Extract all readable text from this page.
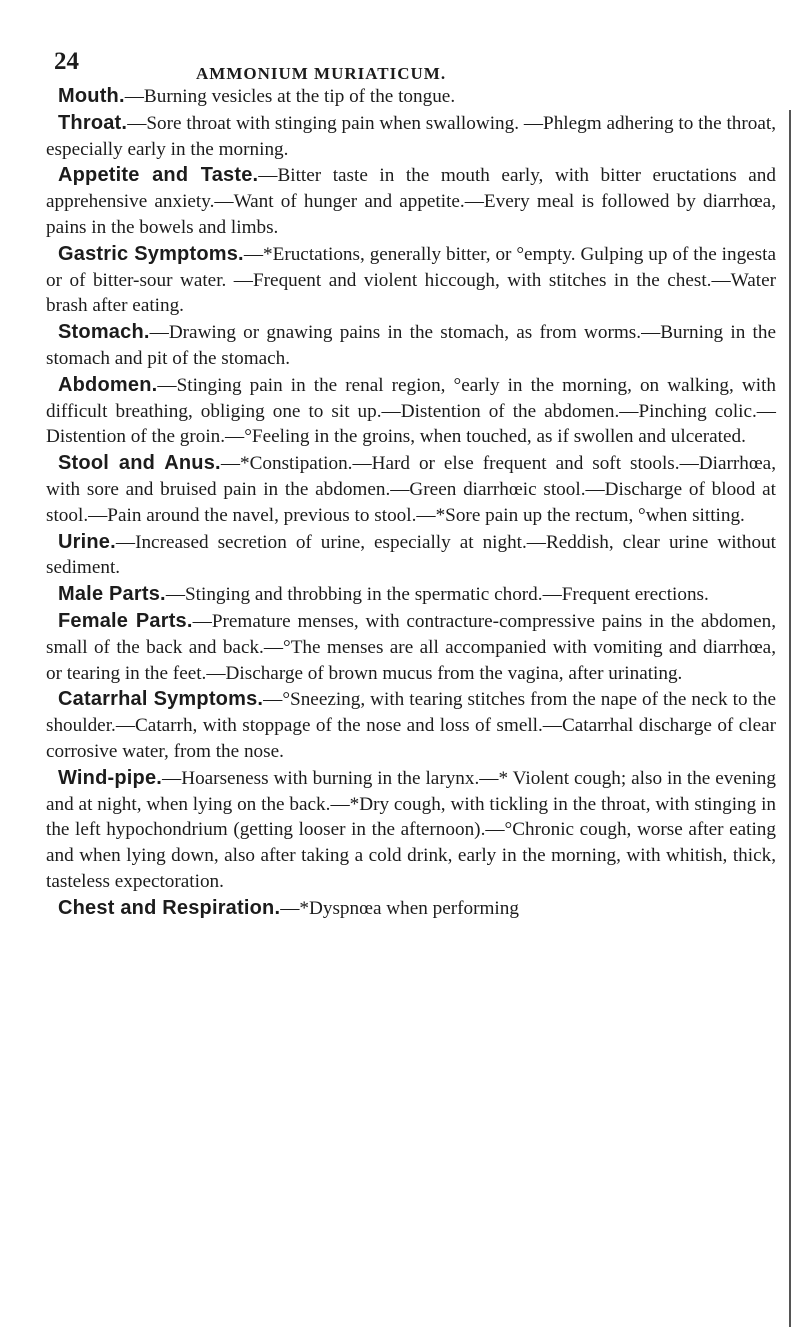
24	AMMONIUM MURIATICUM.

Mouth.—Burning vesicles at the tip of the tongue.

Throat.—Sore throat with stinging pain when swallowing. —Phlegm adhering to the throat, especially early in the morning.

Appetite and Taste.—Bitter taste in the mouth early, with bitter eructations and apprehensive anxiety.—Want of hunger and appetite.—Every meal is followed by diarrhœa, pains in the bowels and limbs.

Gastric Symptoms.—*Eructations, generally bitter, or °empty. Gulping up of the ingesta or of bitter-sour water. —Frequent and violent hiccough, with stitches in the chest.—Water brash after eating.

Stomach.—Drawing or gnawing pains in the stomach, as from worms.—Burning in the stomach and pit of the stomach.

Abdomen.—Stinging pain in the renal region, °early in the morning, on walking, with difficult breathing, obliging one to sit up.—Distention of the abdomen.—Pinching colic.—Distention of the groin.—°Feeling in the groins, when touched, as if swollen and ulcerated.

Stool and Anus.—*Constipation.—Hard or else frequent and soft stools.—Diarrhœa, with sore and bruised pain in the abdomen.—Green diarrhœic stool.—Discharge of blood at stool.—Pain around the navel, previous to stool.—*Sore pain up the rectum, °when sitting.

Urine.—Increased secretion of urine, especially at night.—Reddish, clear urine without sediment.

Male Parts.—Stinging and throbbing in the spermatic chord.—Frequent erections.

Female Parts.—Premature menses, with contracture-compressive pains in the abdomen, small of the back and back.—°The menses are all accompanied with vomiting and diarrhœa, or tearing in the feet.—Discharge of brown mucus from the vagina, after urinating.

Catarrhal Symptoms.—°Sneezing, with tearing stitches from the nape of the neck to the shoulder.—Catarrh, with stoppage of the nose and loss of smell.—Catarrhal discharge of clear corrosive water, from the nose.

Wind-pipe.—Hoarseness with burning in the larynx.—* Violent cough; also in the evening and at night, when lying on the back.—*Dry cough, with tickling in the throat, with stinging in the left hypochondrium (getting looser in the afternoon).—°Chronic cough, worse after eating and when lying down, also after taking a cold drink, early in the morning, with whitish, thick, tasteless expectoration.

Chest and Respiration.—*Dyspnœa when performing
